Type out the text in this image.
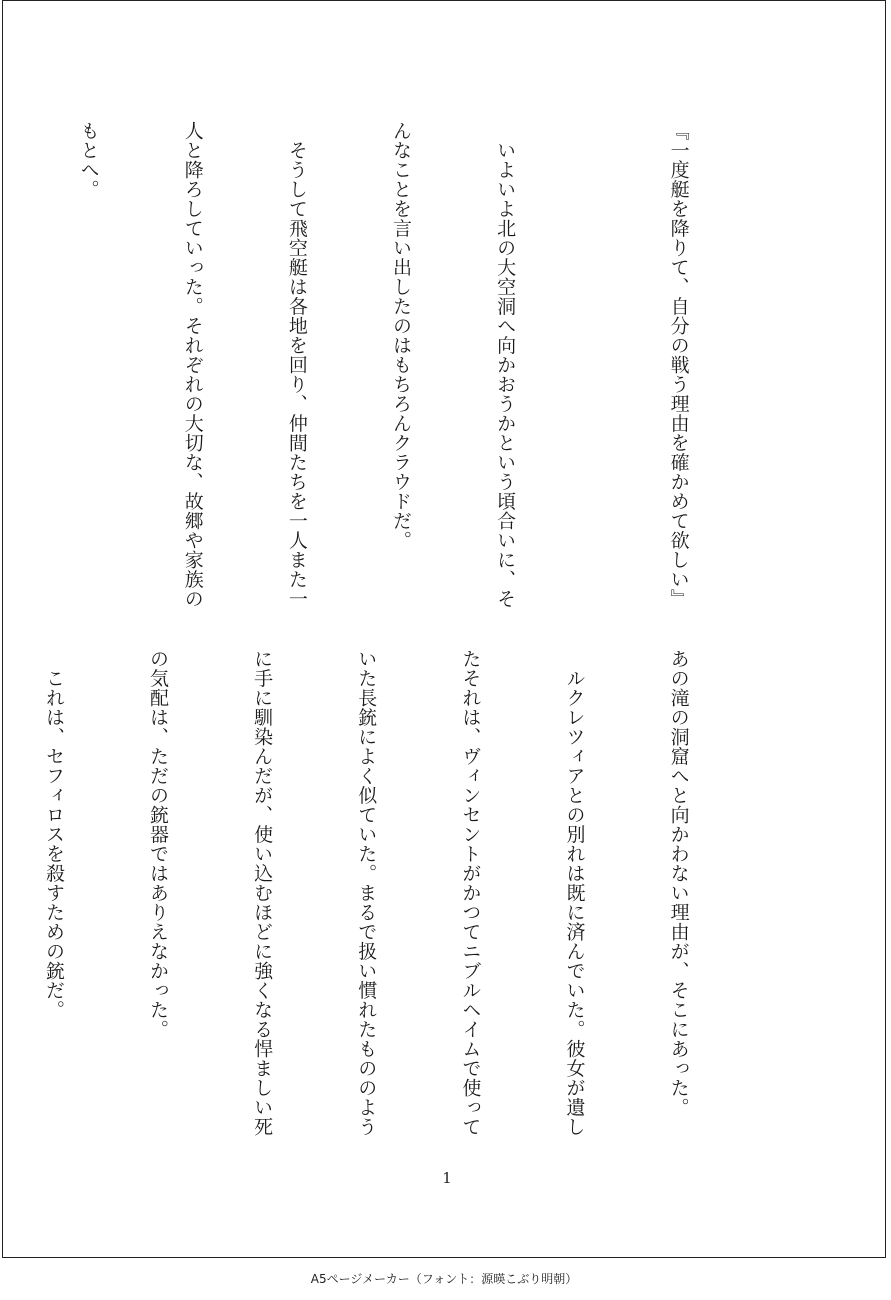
『一度艇を降りて、自分の戦う理由を確かめて欲しい』

　いよいよ北の大空洞へ向かおうかという頃合いに、そ

んなことを言い出したのはもちろんクラウドだ。

　そうして飛空艇は各地を回り、仲間たちを一人また一

人と降ろしていった。それぞれの大切な、故郷や家族の

もとへ。

あの滝の洞窟へと向かわない理由が、そこにあった。

　ルクレツィアとの別れは既に済んでいた。彼女が遺し

たそれは、ヴィンセントがかつてニブルヘイムで使って

いた長銃によく似ていた。まるで扱い慣れたもののよう

に手に馴染んだが、使い込むほどに強くなる悍ましい死

の気配は、ただの銃器ではありえなかった。

　これは、セフィロスを殺すための銃だ。

1
A5ページメーカー（フォント：源暎こぶり明朝）
